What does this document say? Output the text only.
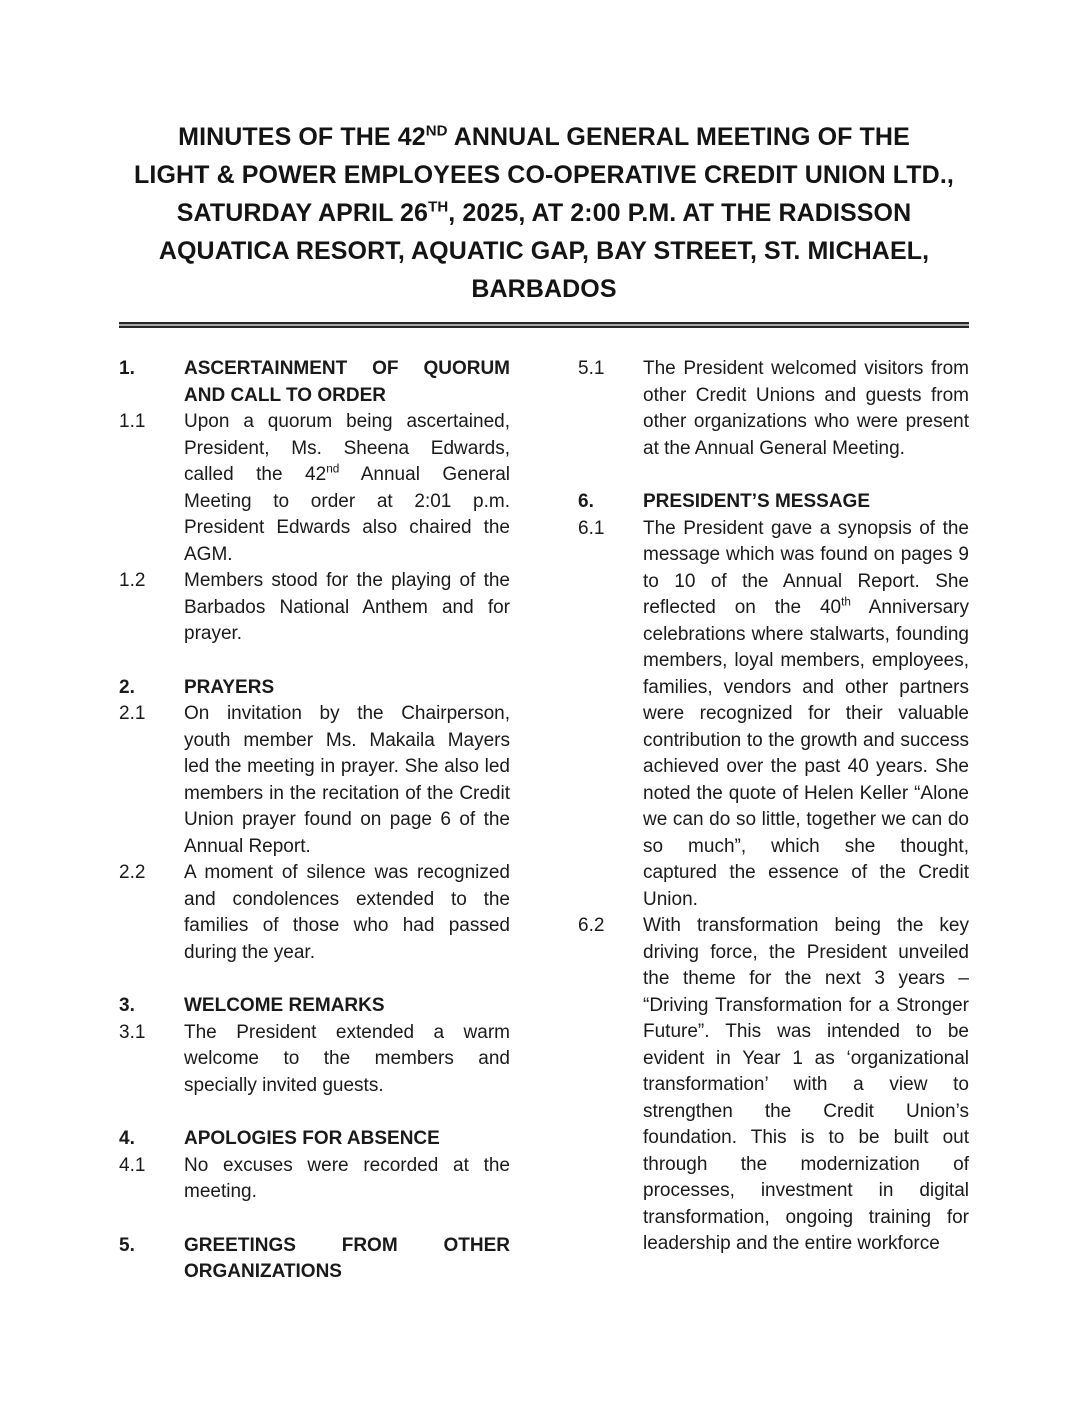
MINUTES OF THE 42ND ANNUAL GENERAL MEETING OF THE
LIGHT & POWER EMPLOYEES CO-OPERATIVE CREDIT UNION LTD.,
SATURDAY APRIL 26TH, 2025, AT 2:00 P.M. AT THE RADISSON
AQUATICA RESORT, AQUATIC GAP, BAY STREET, ST. MICHAEL,
BARBADOS
1.	ASCERTAINMENT OF QUORUM AND CALL TO ORDER
1.1	Upon a quorum being ascertained, President, Ms. Sheena Edwards, called the 42nd Annual General Meeting to order at 2:01 p.m. President Edwards also chaired the AGM.
1.2	Members stood for the playing of the Barbados National Anthem and for prayer.
2.	PRAYERS
2.1	On invitation by the Chairperson, youth member Ms. Makaila Mayers led the meeting in prayer. She also led members in the recitation of the Credit Union prayer found on page 6 of the Annual Report.
2.2	A moment of silence was recognized and condolences extended to the families of those who had passed during the year.
3.	WELCOME REMARKS
3.1	The President extended a warm welcome to the members and specially invited guests.
4.	APOLOGIES FOR ABSENCE
4.1	No excuses were recorded at the meeting.
5.	GREETINGS FROM OTHER ORGANIZATIONS
5.1	The President welcomed visitors from other Credit Unions and guests from other organizations who were present at the Annual General Meeting.
6.	PRESIDENT’S MESSAGE
6.1	The President gave a synopsis of the message which was found on pages 9 to 10 of the Annual Report. She reflected on the 40th Anniversary celebrations where stalwarts, founding members, loyal members, employees, families, vendors and other partners were recognized for their valuable contribution to the growth and success achieved over the past 40 years. She noted the quote of Helen Keller “Alone we can do so little, together we can do so much”, which she thought, captured the essence of the Credit Union.
6.2	With transformation being the key driving force, the President unveiled the theme for the next 3 years – “Driving Transformation for a Stronger Future”. This was intended to be evident in Year 1 as ‘organizational transformation’ with a view to strengthen the Credit Union’s foundation. This is to be built out through the modernization of processes, investment in digital transformation, ongoing training for leadership and the entire workforce
